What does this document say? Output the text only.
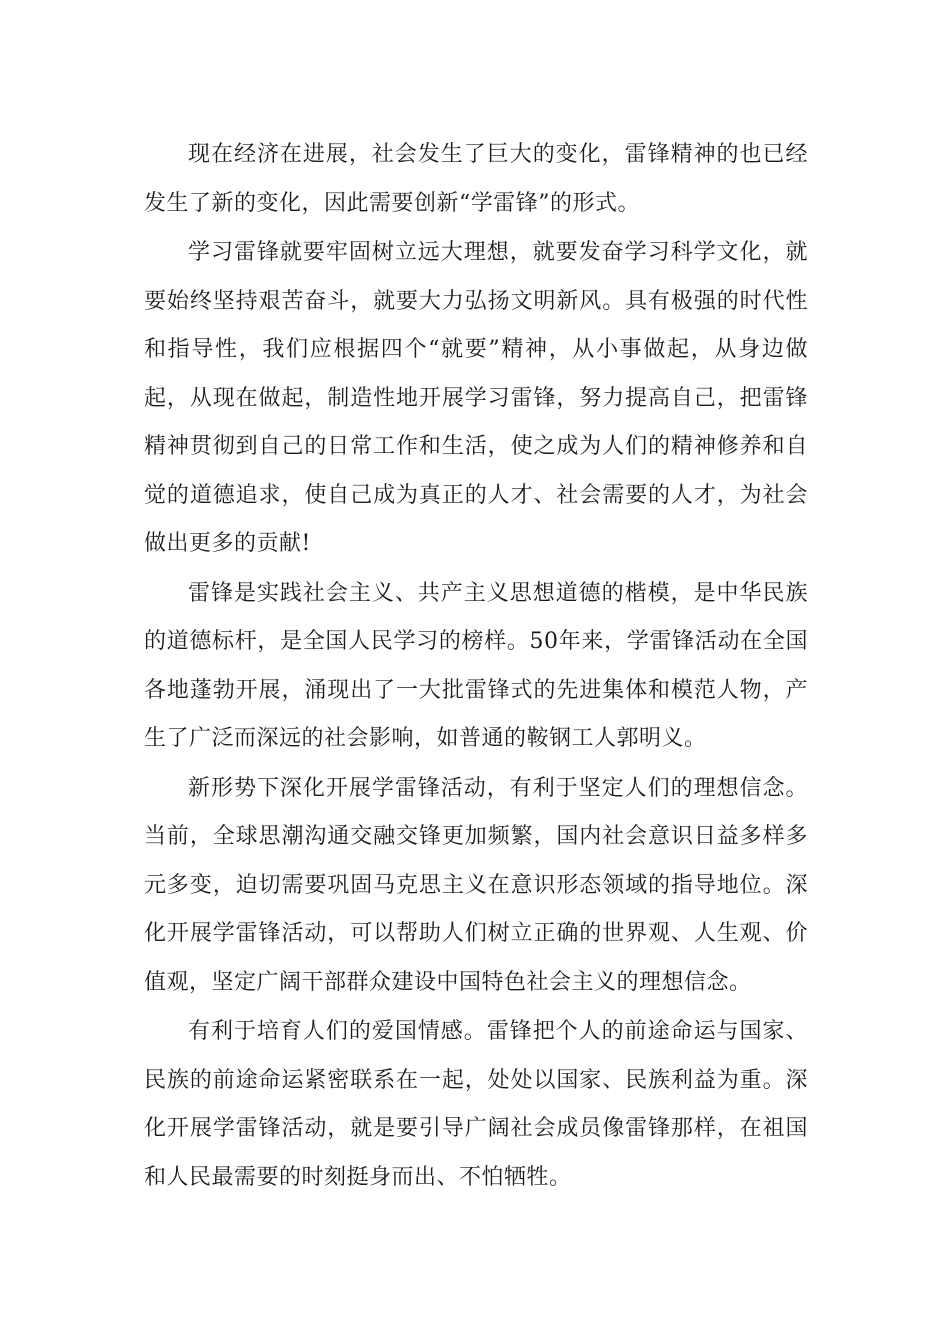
现在经济在进展，社会发生了巨大的变化，雷锋精神的也已经发生了新的变化，因此需要创新“学雷锋”的形式。

学习雷锋就要牢固树立远大理想，就要发奋学习科学文化，就要始终坚持艰苦奋斗，就要大力弘扬文明新风。具有极强的时代性和指导性，我们应根据四个“就要”精神，从小事做起，从身边做起，从现在做起，制造性地开展学习雷锋，努力提高自己，把雷锋精神贯彻到自己的日常工作和生活，使之成为人们的精神修养和自觉的道德追求，使自己成为真正的人才、社会需要的人才，为社会做出更多的贡献!

雷锋是实践社会主义、共产主义思想道德的楷模，是中华民族的道德标杆，是全国人民学习的榜样。50年来，学雷锋活动在全国各地蓬勃开展，涌现出了一大批雷锋式的先进集体和模范人物，产生了广泛而深远的社会影响，如普通的鞍钢工人郭明义。

新形势下深化开展学雷锋活动，有利于坚定人们的理想信念。当前，全球思潮沟通交融交锋更加频繁，国内社会意识日益多样多元多变，迫切需要巩固马克思主义在意识形态领域的指导地位。深化开展学雷锋活动，可以帮助人们树立正确的世界观、人生观、价值观，坚定广阔干部群众建设中国特色社会主义的理想信念。

有利于培育人们的爱国情感。雷锋把个人的前途命运与国家、民族的前途命运紧密联系在一起，处处以国家、民族利益为重。深化开展学雷锋活动，就是要引导广阔社会成员像雷锋那样，在祖国和人民最需要的时刻挺身而出、不怕牺牲。
